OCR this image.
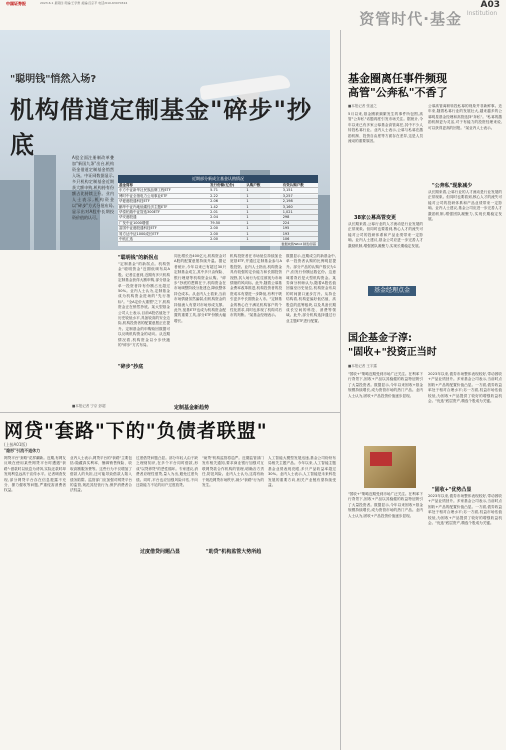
中国证券报	2023.6.1 星期四 责编/王学勇 美编/吕宗平 电话/010-63070324
资管时代·基金 Institution
A03
"聪明钱"悄然入场?
机构借道定制基金"碎步"抄底
近期部分新成立基金认购情况
基金简称	发行份额(亿份)	认购户数	有效认购户数
东方中证新华社民族品牌工程ETF	5.71	1	3,151
博时中证全指电力公用事业ETF	2.22	1	3,257
华夏港股通科技ETF	2.06	1	2,198
鹏华中证内地低碳经济主题ETF	1.42	1	3,160
华泰柏瑞中证智选300ETF	2.01	1	1,021
华安港股通	2.04	1	298
广发中证1000增强	79.50	1	224
富国中证港股通科技ETF	2.00	1	195
易方达中证1000成长ETF	2.00	1	193
中欧汇选	2.00	1	106
数据来源/Wind 制表/彭超
A股全面注册制改革叠加"新国九条"出台,机构资金借道定制基金悄然入场。中证网数据显示,多只机构定制基金近期获大额申购,机构持有份额占比持续上升。业内人士表示,机构资金以"碎步"方式分批布局,显示出对A股中长期投资价值的认可。
■本报记者 宁京 彭超
"聪明钱"的新拐点
"定制基金"的新拐点。机构资金"聪明资金"近期低调布局A股。记者注意到,近期有多只机构定制基金获得大额申购,部分基金单一投资者持有份额占比超过50%。业内人士认为,定制基金成为机构资金进场的"先行指标"。"全A定价大重塑"之下,机构资金正在悄然抄底。某大型基金公司人士表示,目前A股估值处于历史较低水平,具备较高的安全边际,机构投资者的配置意愿正在提升。定制基金的申购赎回数据可以反映机构资金的动向。从近期情况看,机构资金以小步快跑的"碎步"方式布局。
同比增长近400亿元,机构资金对A股的配置意愿持续升温。据记者统计,今年以来已有超过30只定制基金成立,其中多只由保险、银行理财等机构资金认购。"碎步"抄底的逻辑在于,机构资金在市场调整阶段分批建仓,降低整体持仓成本。从业内人士看来,当前市场情绪虽然偏弱,但机构资金的持续流入有望对市场形成支撑。此外,宽基ETF也成为机构资金配置的重要工具,部分ETF份额大幅增长。
"碎步"抄底
机构投资者在市场低位持续加仓宽基ETF,并通过定制基金参与A股投资。业内人士指出,机构资金具有较强的定价能力和长期投资视野,其入场行为往往被视为市场情绪的风向标。此外,随着公募基金费率改革推进,机构投资者的投资成本有望进一步降低,有利于吸引更多中长期资金入市。"定制基金的核心在于满足机构客户的个性化需求,同时也体现了机构对后市的判断。"某基金经理表示。
定制基金新趋势
数据显示,近期成立的新基金中,单一投资者认购的比例明显提升。部分产品的认购户数仅为1户,但发行份额达数亿份。这意味着背后是大型机构资金。某券商分析师认为,随着A股估值回落至历史低位,机构资金布局的时间窗口逐步打开。从持仓结构看,机构更偏好低估值、高股息的蓝筹板块,以及具备长期成长空间的科技、消费等领域。此外,部分机构选择通过行业主题ETF进行配置。
基金圈离任事件频现
高管"公奔私"不香了
■本报记者 张凌之
5月以来,基金圈被频繁发生的事件所包围,高管"公奔私"话题再度引发市场关注。据统计,今年以来已有多家公募基金高管离任,其中不少人转投私募行业。业内人士表示,公募与私募在激励机制、投资自由度等方面存在差异,这是人员流动的重要原因。
公募高管离职转投私募的现象并非新鲜事。近年来,随着私募行业的发展壮大,越来越多的公募明星基金经理和高管选择"奔私"。"私募的激励机制更为灵活,对于有能力的投资经理来说,可以获得更高的回报。"某业内人士表示。
38家公募高管变更
从长期来看,公募行业的人才流动是行业发展的正常现象。但同时也要看到,核心人才的流失可能对公司的投研体系和产品业绩带来一定影响。业内人士建议,基金公司应进一步完善人才激励机制,增强团队凝聚力,实现长期稳定发展。
"公奔私"现象减少
从长期来看,公募行业的人才流动是行业发展的正常现象。但同时也要看到,核心人才的流失可能对公司的投研体系和产品业绩带来一定影响。业内人士建议,基金公司应进一步完善人才激励机制,增强团队凝聚力,实现长期稳定发展。
基金经理点金
国企基金子淳:
"固收+"投资正当时
■本报记者 王宇露
"国收+"策略近期受到市场广泛关注。在利率下行背景下,固收+产品以其稳健的收益特征吸引了大量投资者。数据显示,今年以来固收+基金规模持续增长,成为资管市场的热门产品。业内人士认为,固收+产品投资价值逐步显现。
2023年以来,债券市场整体表现较好,带动固收+产品业绩回升。多家基金公司表示,当前时点固收+产品的配置价值凸显。一方面,债券收益率处于相对合理水平;另一方面,权益市场估值较低,为固收+产品提供了较好的增强收益机会。"优选"底层资产,精选个股成为关键。
"固收+"优势凸显
2023年以来,债券市场整体表现较好,带动固收+产品业绩回升。多家基金公司表示,当前时点固收+产品的配置价值凸显。一方面,债券收益率处于相对合理水平;另一方面,权益市场估值较低,为固收+产品提供了较好的增强收益机会。"优选"底层资产,精选个股成为关键。
"国收+"策略近期受到市场广泛关注。在利率下行背景下,固收+产品以其稳健的收益特征吸引了大量投资者。数据显示,今年以来固收+基金规模持续增长,成为资管市场的热门产品。业内人士认为,固收+产品投资价值逐步显现。
网贷"套路"下的"负债者联盟"
(上接A01版)
"隐形"引流不退休力
网贷平台"套路"花样翻新。近期,有网友反映在使用某些网贷平台时遭遇"套路":借款时以低息为诱饵,实际还款时却发现利息远高于宣传水平。记者调查发现,部分网贷平台存在信息披露不充分、暴力催收等问题,严重侵害消费者权益。
业内人士表示,网贷平台的"套路"主要包括:隐藏真实利率、捆绑销售保险、收取高额服务费等。这些行为不仅增加了借款人的负担,还可能导致借款人陷入债务陷阱。监管部门应加强对网贷平台的监管,规范其经营行为,保护消费者合法权益。
过度借贷问题凸显
过度借贷问题凸显。部分年轻人由于缺乏理财知识,在多个平台同时借款,形成"以贷养贷"的恶性循环。专家建议,消费者应理性借贷,量入为出,避免过度负债。同时,平台也应加强风险评估,不向还款能力不足的用户过度放贷。
"助贷"机构监管将趋严。近期监管部门发布相关通知,要求商业银行加强对互联网贷款合作机构的管理,明确各方责任,防范风险。业内人士认为,这将有助于规范网贷市场秩序,减少"套路"行为的发生。
"助贷"机构监管大势所趋
人工智能大模型发展迅速,基金公司纷纷布局相关主题产品。今年以来,人工智能主题基金业绩表现亮眼,多只产品收益率超过30%。业内人士表示,人工智能是未来科技发展的重要方向,相关产业链有望持续受益。
